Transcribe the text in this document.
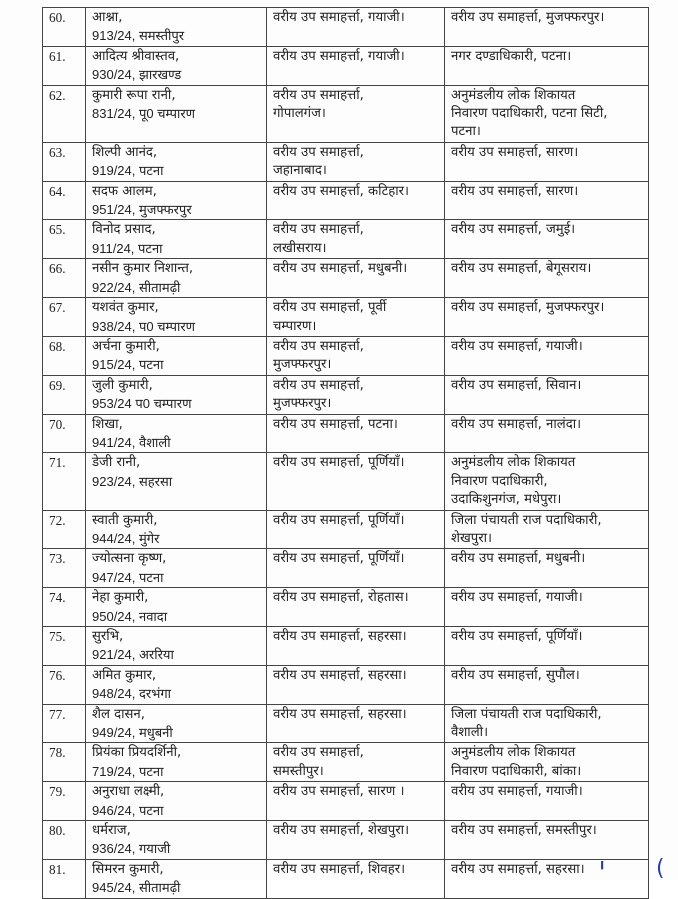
60.	आश्ना,
913/24, समस्तीपुर	वरीय उप समाहर्त्ता, गयाजी।	वरीय उप समाहर्त्ता, मुजफ्फरपुर।

61.	आदित्य श्रीवास्तव,
930/24, झारखण्ड	वरीय उप समाहर्त्ता, गयाजी।	नगर दण्डाधिकारी, पटना।

62.	कुमारी रूपा रानी,
831/24, पू0 चम्पारण	वरीय उप समाहर्त्ता,
गोपालगंज।	अनुमंडलीय लोक शिकायत
निवारण पदाधिकारी, पटना सिटी,
पटना।

63.	शिल्पी आनंद,
919/24, पटना	वरीय उप समाहर्त्ता,
जहानाबाद।	वरीय उप समाहर्त्ता, सारण।

64.	सदफ आलम,
951/24, मुजफ्फरपुर	वरीय उप समाहर्त्ता, कटिहार।	वरीय उप समाहर्त्ता, सारण।

65.	विनोद प्रसाद,
911/24, पटना	वरीय उप समाहर्त्ता,
लखीसराय।	वरीय उप समाहर्त्ता, जमुई।

66.	नसीन कुमार निशान्त,
922/24, सीतामढ़ी	वरीय उप समाहर्त्ता, मधुबनी।	वरीय उप समाहर्त्ता, बेगूसराय।

67.	यशवंत कुमार,
938/24, प0 चम्पारण	वरीय उप समाहर्त्ता, पूर्वी
चम्पारण।	वरीय उप समाहर्त्ता, मुजफ्फरपुर।

68.	अर्चना कुमारी,
915/24, पटना	वरीय उप समाहर्त्ता,
मुजफ्फरपुर।	वरीय उप समाहर्त्ता, गयाजी।

69.	जुली कुमारी,
953/24 प0 चम्पारण	वरीय उप समाहर्त्ता,
मुजफ्फरपुर।	वरीय उप समाहर्त्ता, सिवान।

70.	शिखा,
941/24, वैशाली	वरीय उप समाहर्त्ता, पटना।	वरीय उप समाहर्त्ता, नालंदा।

71.	डेजी रानी,
923/24, सहरसा	वरीय उप समाहर्त्ता, पूर्णियाँ।	अनुमंडलीय लोक शिकायत
निवारण पदाधिकारी,
उदाकिशुनगंज, मधेपुरा।

72.	स्वाती कुमारी,
944/24, मुंगेर	वरीय उप समाहर्त्ता, पूर्णियाँ।	जिला पंचायती राज पदाधिकारी,
शेखपुरा।

73.	ज्योत्सना कृष्ण,
947/24, पटना	वरीय उप समाहर्त्ता, पूर्णियाँ।	वरीय उप समाहर्त्ता, मधुबनी।

74.	नेहा कुमारी,
950/24, नवादा	वरीय उप समाहर्त्ता, रोहतास।	वरीय उप समाहर्त्ता, गयाजी।

75.	सुरभि,
921/24, अररिया	वरीय उप समाहर्त्ता, सहरसा।	वरीय उप समाहर्त्ता, पूर्णियाँ।

76.	अमित कुमार,
948/24, दरभंगा	वरीय उप समाहर्त्ता, सहरसा।	वरीय उप समाहर्त्ता, सुपौल।

77.	शैल दासन,
949/24, मधुबनी	वरीय उप समाहर्त्ता, सहरसा।	जिला पंचायती राज पदाधिकारी,
वैशाली।

78.	प्रियंका प्रियदर्शिनी,
719/24, पटना	वरीय उप समाहर्त्ता,
समस्तीपुर।	अनुमंडलीय लोक शिकायत
निवारण पदाधिकारी, बांका।

79.	अनुराधा लक्ष्मी,
946/24, पटना	वरीय उप समाहर्त्ता, सारण ।	वरीय उप समाहर्त्ता, गयाजी।

80.	धर्मराज,
936/24, गयाजी	वरीय उप समाहर्त्ता, शेखपुरा।	वरीय उप समाहर्त्ता, समस्तीपुर।

81.	सिमरन कुमारी,
945/24, सीतामढ़ी	वरीय उप समाहर्त्ता, शिवहर।	वरीय उप समाहर्त्ता, सहरसा। ╹ (
